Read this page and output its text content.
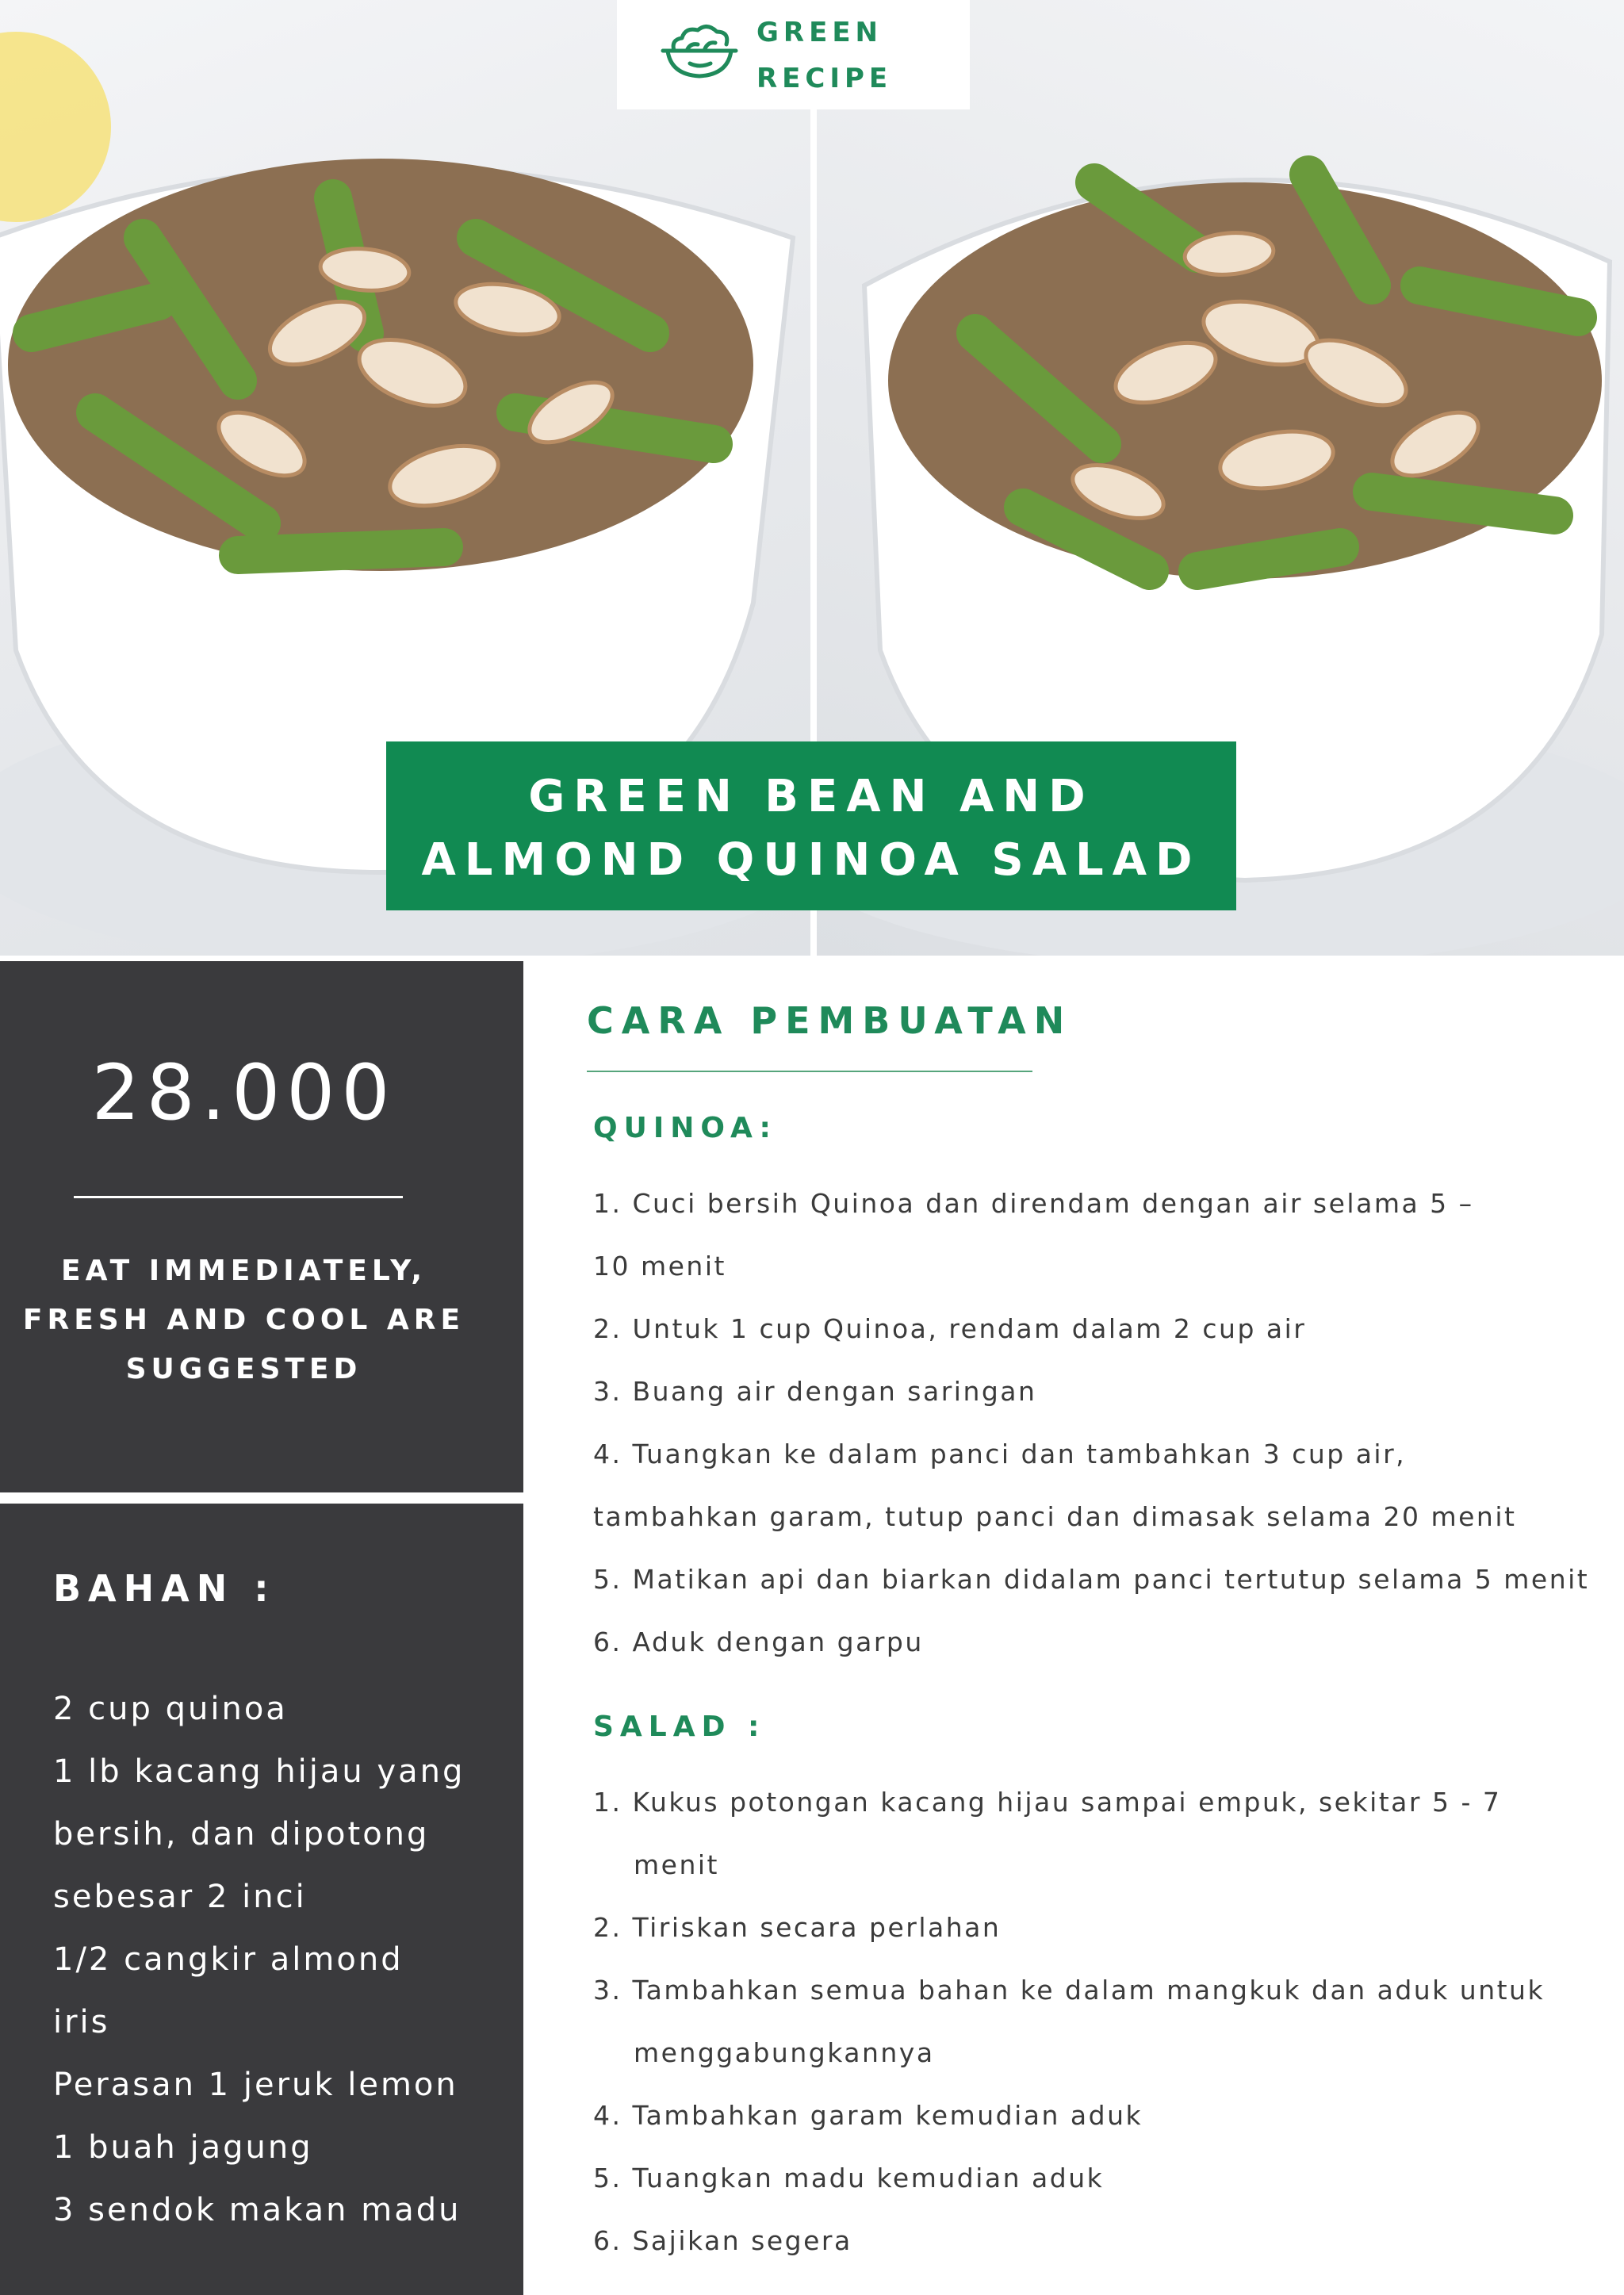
GREEN
RECIPE
GREEN BEAN AND
ALMOND QUINOA SALAD
28.000
EAT IMMEDIATELY,
FRESH AND COOL ARE
SUGGESTED
BAHAN :
2 cup quinoa
1 lb kacang hijau yang
bersih, dan dipotong
sebesar 2 inci
1/2 cangkir almond
iris
Perasan 1 jeruk lemon
1 buah jagung
3 sendok makan madu
CARA PEMBUATAN
QUINOA:
1. Cuci bersih Quinoa dan direndam dengan air selama 5 –
10 menit
2. Untuk 1 cup Quinoa, rendam dalam 2 cup air
3. Buang air dengan saringan
4. Tuangkan ke dalam panci dan tambahkan 3 cup air,
tambahkan garam, tutup panci dan dimasak selama 20 menit
5. Matikan api dan biarkan didalam panci tertutup selama 5 menit
6. Aduk dengan garpu
SALAD :
1. Kukus potongan kacang hijau sampai empuk, sekitar 5 - 7 menit
2. Tiriskan secara perlahan
3. Tambahkan semua bahan ke dalam mangkuk dan aduk untuk menggabungkannya
4. Tambahkan garam kemudian aduk
5. Tuangkan madu kemudian aduk
6. Sajikan segera
